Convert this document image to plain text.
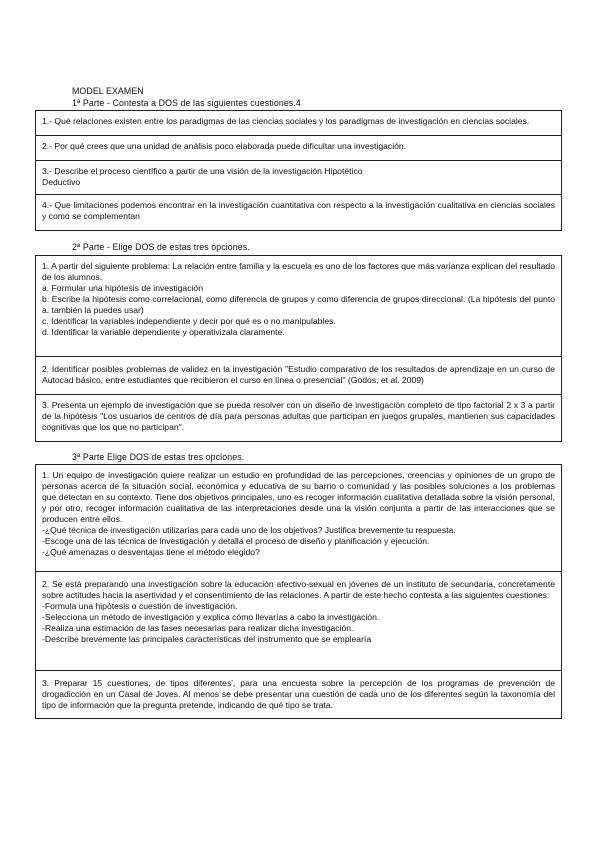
MODEL EXAMEN
1ª Parte - Contesta a DOS de las siguientes cuestiones.4

1.- Qué relaciones existen entre los paradigmas de las ciencias sociales y los paradigmas de investigación en ciencias sociales.

2.- Por qué crees que una unidad de análisis poco elaborada puede dificultar una investigación.

3.- Describe el proceso científico a partir de una visión de la investigación Hipotético

Deductivo

4.- Que limitaciones podemos encontrar en la investigación cuantitativa con respecto a la investigación cualitativa en ciencias sociales y como se complementan

2ª Parte - Elige DOS de estas tres opciones.

1. A partir del siguiente problema: La relación entre familia y la escuela es uno de los factores que más varianza explican del resultado de los alumnos.

a. Formular una hipótesis de investigación

b. Escribe la hipótesis como correlacional, como diferencia de grupos y como diferencia de grupos direccional. (La hipótesis del punto a. también la puedes usar)

c. Identificar la variables independiente y decir por qué es o no manipulables.

d. Identificar la variable dependiente y operativizala claramente.

2. Identificar posibles problemas de validez en la investigación "Estudio comparativo de los resultados de aprendizaje en un curso de Autocad básico, entre estudiantes que recibieron el curso en línea o presencial" (Godos, et al. 2009)

3. Presenta un ejemplo de investigación que se pueda resolver con un diseño de investigación completo de tipo factorial 2 x 3 a partir de la hipótesis "Los usuarios de centros de día para personas adultas que participan en juegos grupales, mantienen sus capacidades cognitivas que los que no participan".

3ª Parte Elige DOS de estas tres opciones.

1. Un equipo de investigación quiere realizar un estudio en profundidad de las percepciones, creencias y opiniones de un grupo de personas acerca de la situación social, económica y educativa de su barrio o comunidad y las posibles soluciones a los problemas que detectan en su contexto. Tiene dos objetivos principales, uno es recoger información cualitativa detallada sobre la visión personal, y por otro, recoger información cualitativa de las interpretaciones desde una la visión conjunta a partir de las interacciones que se producen entre ellos.

-¿Qué técnica de investigación utilizarías para cada uno de los objetivos? Justifica brevemente tu respuesta.

-Escoge una de las técnica de investigación y detalla el proceso de diseño y planificación y ejecución.

-¿Qué amenazas o desventajas tiene el método elegido?

2. Se está preparando una investigación sobre la educación afectivo-sexual en jóvenes de un instituto de secundaria, concretamente sobre actitudes hacia la asertividad y el consentimiento de las relaciones. A partir de este hecho contesta a las siguientes cuestiones:

-Formula una hipótesis o cuestión de investigación.

-Selecciona un método de investigación y explica cómo llevarías a cabo la investigación.

-Realiza una estimación de las fases necesarias para realizar dicha investigación.

-Describe brevemente las principales características del instrumento que se emplearía

3. Preparar 15 cuestiones, de tipos diferentes', para una encuesta sobre la percepción de los programas de prevención de drogadicción en un Casal de Joves. Al menos se debe presentar una cuestión de cada uno de los diferentes según la taxonomía del tipo de información que la pregunta pretende, indicando de qué tipo se trata.
